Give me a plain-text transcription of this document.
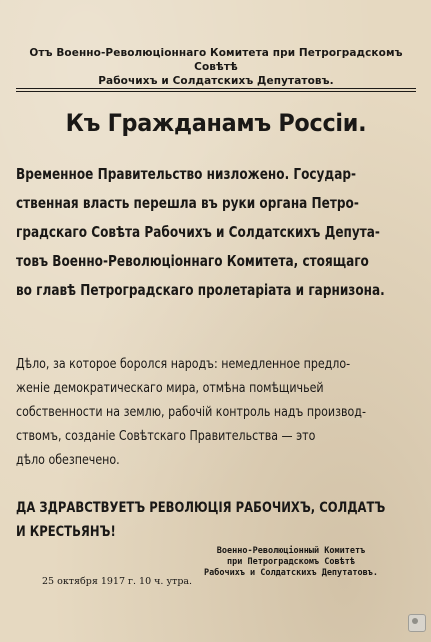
Отъ Военно-Революціоннаго Комитета при Петроградскомъ Совѣтѣ
Рабочихъ и Солдатскихъ Депутатовъ.
Къ Гражданамъ Россіи.
Временное Правительство низложено. Государ-
ственная власть перешла въ руки органа Петро-
градскаго Совѣта Рабочихъ и Солдатскихъ Депута-
товъ Военно-Революціоннаго Комитета, стоящаго
во главѣ Петроградскаго пролетаріата и гарнизона.
Дѣло, за которое боролся народъ: немедленное предло-
женіе демократическаго мира, отмѣна помѣщичьей
собственности на землю, рабочій контроль надъ производ-
ствомъ, созданіе Совѣтскаго Правительства — это
дѣло обезпечено.
ДА ЗДРАВСТВУЕТЪ РЕВОЛЮЦІЯ РАБОЧИХЪ, СОЛДАТЪ
И КРЕСТЬЯНЪ!
Военно-Революціонный Комитетъ
при Петроградскомъ Совѣтѣ
Рабочихъ и Солдатскихъ Депутатовъ.
25 октября 1917 г. 10 ч. утра.
